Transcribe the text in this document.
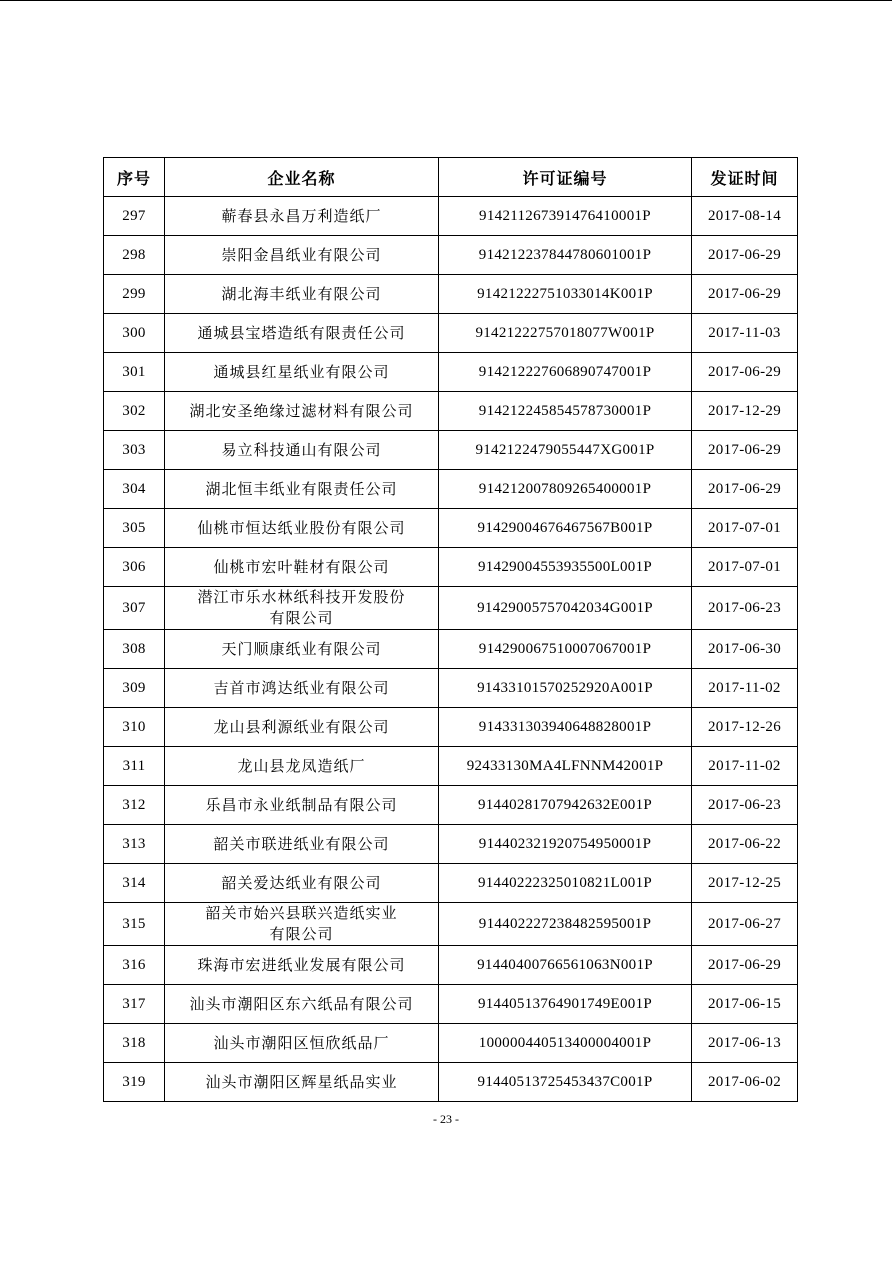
序号	企业名称	许可证编号	发证时间
297	蕲春县永昌万利造纸厂	914211267391476410001P	2017-08-14
298	崇阳金昌纸业有限公司	914212237844780601001P	2017-06-29
299	湖北海丰纸业有限公司	91421222751033014K001P	2017-06-29
300	通城县宝塔造纸有限责任公司	91421222757018077W001P	2017-11-03
301	通城县红星纸业有限公司	914212227606890747001P	2017-06-29
302	湖北安圣绝缘过滤材料有限公司	914212245854578730001P	2017-12-29
303	易立科技通山有限公司	9142122479055447XG001P	2017-06-29
304	湖北恒丰纸业有限责任公司	914212007809265400001P	2017-06-29
305	仙桃市恒达纸业股份有限公司	91429004676467567B001P	2017-07-01
306	仙桃市宏叶鞋材有限公司	91429004553935500L001P	2017-07-01
307	潜江市乐水林纸科技开发股份
有限公司	91429005757042034G001P	2017-06-23
308	天门顺康纸业有限公司	914290067510007067001P	2017-06-30
309	吉首市鸿达纸业有限公司	91433101570252920A001P	2017-11-02
310	龙山县利源纸业有限公司	914331303940648828001P	2017-12-26
311	龙山县龙凤造纸厂	92433130MA4LFNNM42001P	2017-11-02
312	乐昌市永业纸制品有限公司	91440281707942632E001P	2017-06-23
313	韶关市联进纸业有限公司	914402321920754950001P	2017-06-22
314	韶关爱达纸业有限公司	91440222325010821L001P	2017-12-25
315	韶关市始兴县联兴造纸实业
有限公司	914402227238482595001P	2017-06-27
316	珠海市宏进纸业发展有限公司	91440400766561063N001P	2017-06-29
317	汕头市潮阳区东六纸品有限公司	91440513764901749E001P	2017-06-15
318	汕头市潮阳区恒欣纸品厂	100000440513400004001P	2017-06-13
319	汕头市潮阳区辉星纸品实业	91440513725453437C001P	2017-06-02
- 23 -
